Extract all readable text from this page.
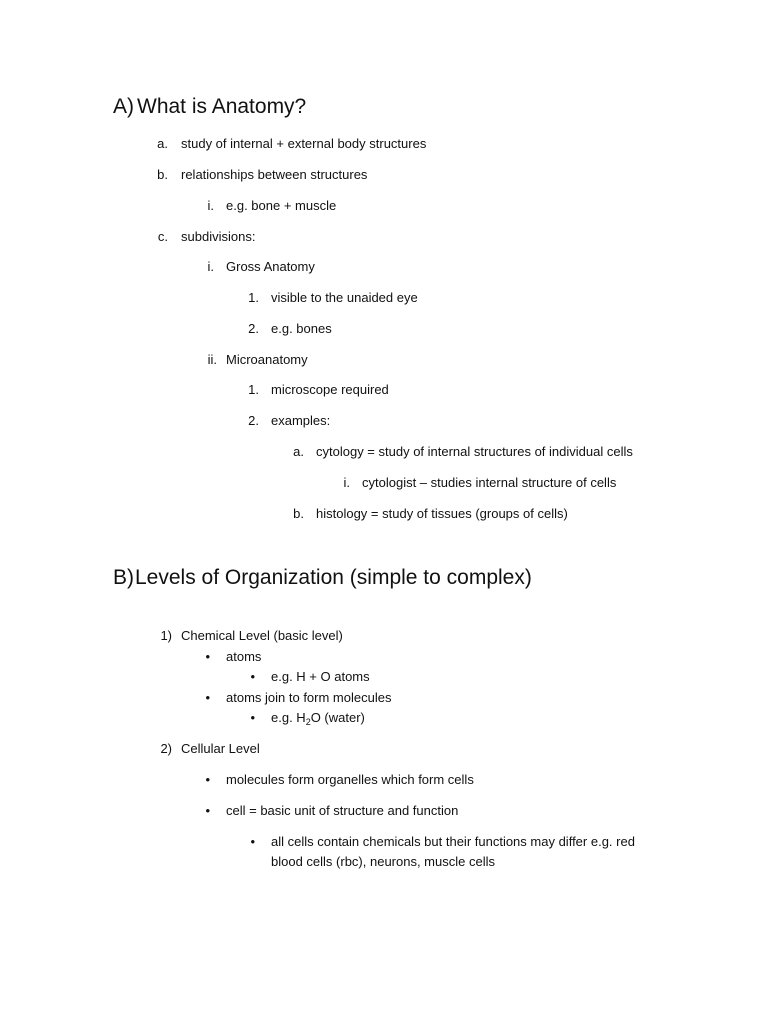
A) What is Anatomy?
a. study of internal + external body structures
b. relationships between structures
i. e.g. bone + muscle
c. subdivisions:
i. Gross Anatomy
1. visible to the unaided eye
2. e.g. bones
ii. Microanatomy
1. microscope required
2. examples:
a. cytology = study of internal structures of individual cells
i. cytologist – studies internal structure of cells
b. histology = study of tissues (groups of cells)
B) Levels of Organization (simple to complex)
1) Chemical Level (basic level)
• atoms
• e.g. H + O atoms
• atoms join to form molecules
• e.g. $H_2O$ (water)
2) Cellular Level
• molecules form organelles which form cells
• cell = basic unit of structure and function
• all cells contain chemicals but their functions may differ e.g. red
blood cells (rbc), neurons, muscle cells
